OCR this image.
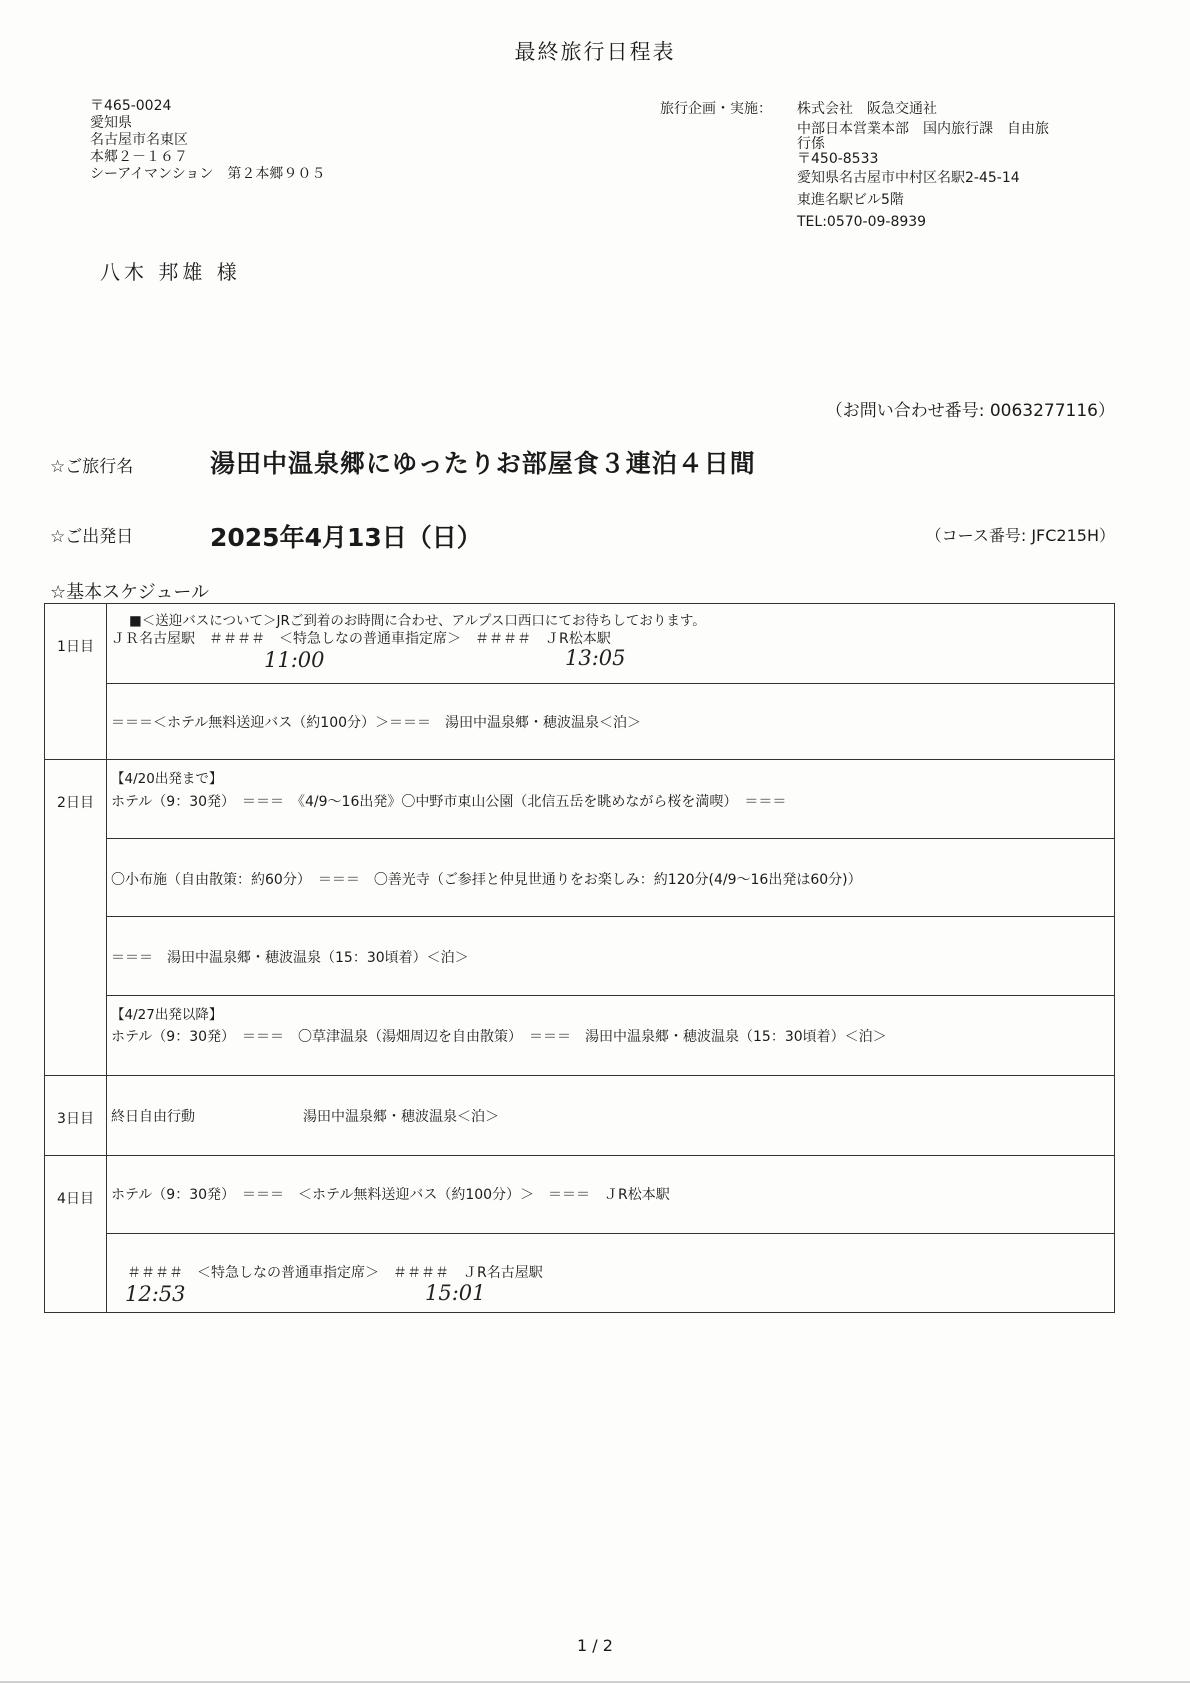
最終旅行日程表
〒465-0024
愛知県
名古屋市名東区
本郷２－１６７
シーアイマンション　第２本郷９０５
旅行企画・実施： 株式会社　阪急交通社
中部日本営業本部　国内旅行課　自由旅
行係
〒450-8533
愛知県名古屋市中村区名駅2-45-14
東進名駅ビル5階
TEL:0570-09-8939
八木 邦雄 様
（お問い合わせ番号: 0063277116）
☆ご旅行名	湯田中温泉郷にゆったりお部屋食３連泊４日間
☆ご出発日	2025年4月13日（日）	（コース番号: JFC215H）
☆基本スケジュール
1日目	■＜送迎バスについて＞JRご到着のお時間に合わせ、アルプス口西口にてお待ちしております。
ＪＲ名古屋駅　＃＃＃＃　＜特急しなの普通車指定席＞　＃＃＃＃　ＪR松本駅
11:00 13:05

	＝＝＝＜ホテル無料送迎バス（約100分）＞＝＝＝　湯田中温泉郷・穂波温泉＜泊＞

2日目	【4/20出発まで】
ホテル（9：30発）　＝＝＝　《4/9～16出発》〇中野市東山公園（北信五岳を眺めながら桜を満喫）　＝＝＝

	〇小布施（自由散策：約60分）　＝＝＝　〇善光寺（ご参拝と仲見世通りをお楽しみ：約120分(4/9～16出発は60分)）

	＝＝＝　湯田中温泉郷・穂波温泉（15：30頃着）＜泊＞

	【4/27出発以降】
ホテル（9：30発）　＝＝＝　〇草津温泉（湯畑周辺を自由散策）　＝＝＝　湯田中温泉郷・穂波温泉（15：30頃着）＜泊＞

3日目	終日自由行動 湯田中温泉郷・穂波温泉＜泊＞

4日目	ホテル（9：30発）　＝＝＝　＜ホテル無料送迎バス（約100分）＞　＝＝＝　ＪR松本駅

	＃＃＃＃　＜特急しなの普通車指定席＞　＃＃＃＃　ＪR名古屋駅
12:53 15:01
1 / 2
